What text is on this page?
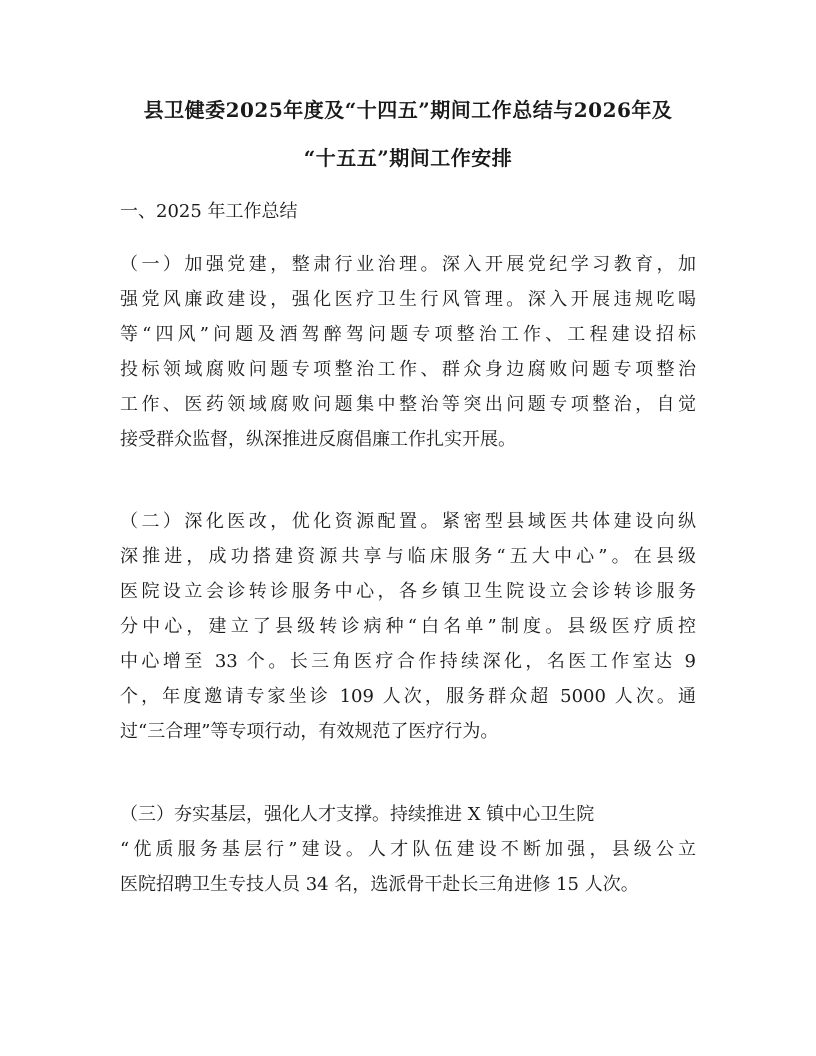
县卫健委2025年度及“十四五”期间工作总结与2026年及
“十五五”期间工作安排
一、2025 年工作总结
（一）加强党建，整肃行业治理。深入开展党纪学习教育，加
强党风廉政建设，强化医疗卫生行风管理。深入开展违规吃喝
等“四风”问题及酒驾醉驾问题专项整治工作、工程建设招标
投标领域腐败问题专项整治工作、群众身边腐败问题专项整治
工作、医药领域腐败问题集中整治等突出问题专项整治，自觉
接受群众监督，纵深推进反腐倡廉工作扎实开展。
（二）深化医改，优化资源配置。紧密型县域医共体建设向纵
深推进，成功搭建资源共享与临床服务“五大中心”。在县级
医院设立会诊转诊服务中心，各乡镇卫生院设立会诊转诊服务
分中心，建立了县级转诊病种“白名单”制度。县级医疗质控
中心增至 33 个。长三角医疗合作持续深化，名医工作室达 9
个，年度邀请专家坐诊 109 人次，服务群众超 5000 人次。通
过“三合理”等专项行动，有效规范了医疗行为。
（三）夯实基层，强化人才支撑。持续推进 X 镇中心卫生院
“优质服务基层行”建设。人才队伍建设不断加强，县级公立
医院招聘卫生专技人员 34 名，选派骨干赴长三角进修 15 人次。
